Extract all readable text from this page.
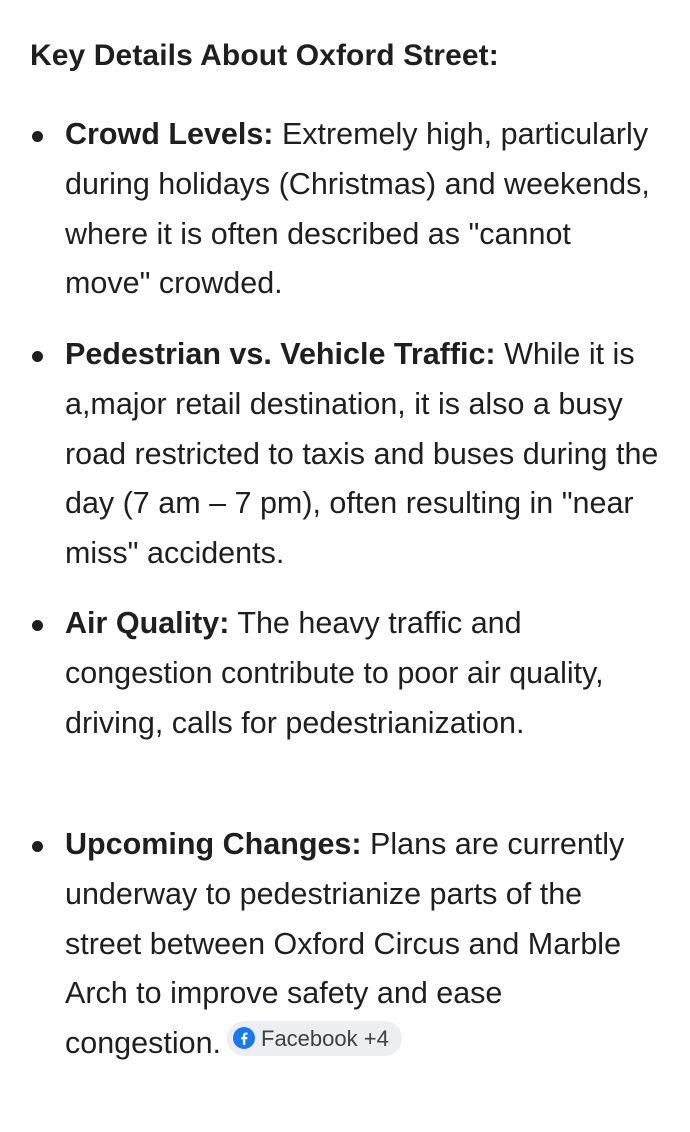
Key Details About Oxford Street:

Crowd Levels: Extremely high, particularly during holidays (Christmas) and weekends, where it is often described as "cannot move" crowded.

Pedestrian vs. Vehicle Traffic: While it is a,major retail destination, it is also a busy road restricted to taxis and buses during the day (7 am – 7 pm), often resulting in "near miss" accidents.

Air Quality: The heavy traffic and congestion contribute to poor air quality, driving, calls for pedestrianization.

Upcoming Changes: Plans are currently underway to pedestrianize parts of the street between Oxford Circus and Marble Arch to improve safety and ease congestion. Facebook +4
